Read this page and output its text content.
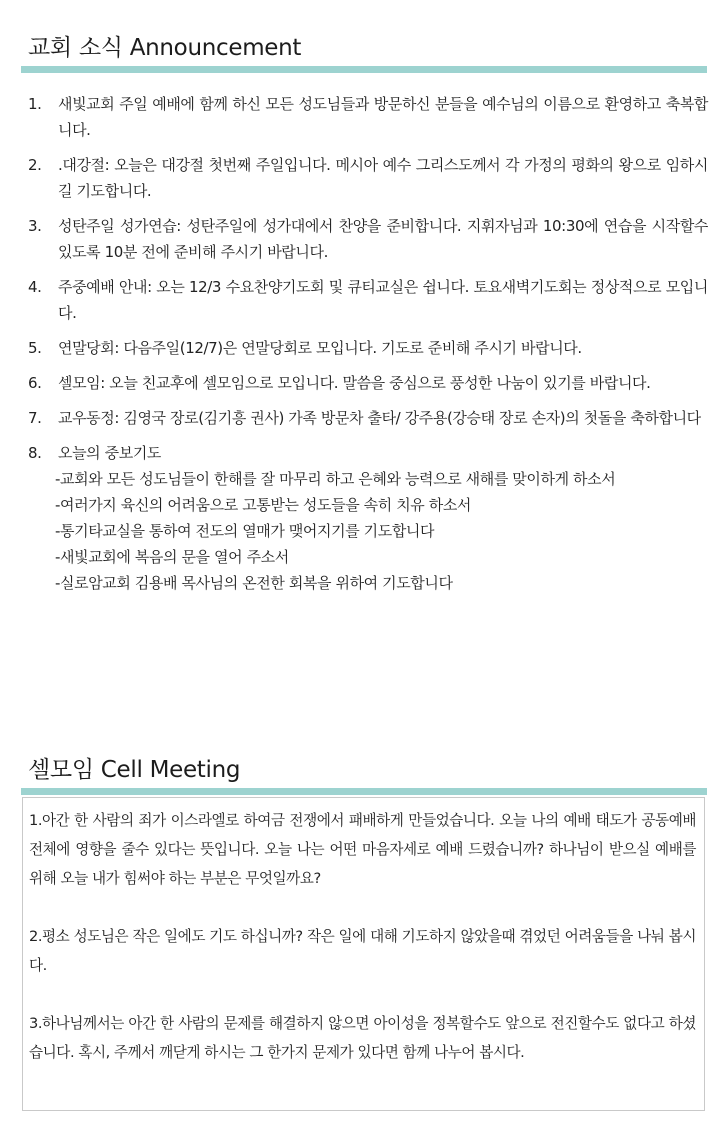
교회 소식 Announcement
1. 새빛교회 주일 예배에 함께 하신 모든 성도님들과 방문하신 분들을 예수님의 이름으로 환영하고 축복합니다.
2. .대강절: 오늘은 대강절 첫번째 주일입니다. 메시아 예수 그리스도께서 각 가정의 평화의 왕으로 임하시길 기도합니다.
3. 성탄주일 성가연습: 성탄주일에 성가대에서 찬양을 준비합니다. 지휘자님과 10:30에 연습을 시작할수 있도록 10분 전에 준비해 주시기 바랍니다.
4. 주중예배 안내: 오는 12/3 수요찬양기도회 및 큐티교실은 쉽니다. 토요새벽기도회는 정상적으로 모입니다.
5. 연말당회: 다음주일(12/7)은 연말당회로 모입니다. 기도로 준비해 주시기 바랍니다.
6. 셀모임: 오늘 친교후에 셀모임으로 모입니다. 말씀을 중심으로 풍성한 나눔이 있기를 바랍니다.
7. 교우동정: 김영국 장로(김기흥 권사) 가족 방문차 출타/ 강주용(강승태 장로 손자)의 첫돌을 축하합니다
8. 오늘의 중보기도
-교회와 모든 성도님들이 한해를 잘 마무리 하고 은혜와 능력으로 새해를 맞이하게 하소서
-여러가지 육신의 어려움으로 고통받는 성도들을 속히 치유 하소서
-통기타교실을 통하여 전도의 열매가 맺어지기를 기도합니다
-새빛교회에 복음의 문을 열어 주소서
-실로암교회 김용배 목사님의 온전한 회복을 위하여 기도합니다
셀모임 Cell Meeting
1.아간 한 사람의 죄가 이스라엘로 하여금 전쟁에서 패배하게 만들었습니다. 오늘 나의 예배 태도가 공동예배 전체에 영향을 줄수 있다는 뜻입니다. 오늘 나는 어떤 마음자세로 예배 드렸습니까? 하나님이 받으실 예배를 위해 오늘 내가 힘써야 하는 부분은 무엇일까요?
2.평소 성도님은 작은 일에도 기도 하십니까? 작은 일에 대해 기도하지 않았을때 겪었던 어려움들을 나눠 봅시다.
3.하나님께서는 아간 한 사람의 문제를 해결하지 않으면 아이성을 정복할수도 앞으로 전진할수도 없다고 하셨습니다. 혹시, 주께서 깨닫게 하시는 그 한가지 문제가 있다면 함께 나누어 봅시다.
